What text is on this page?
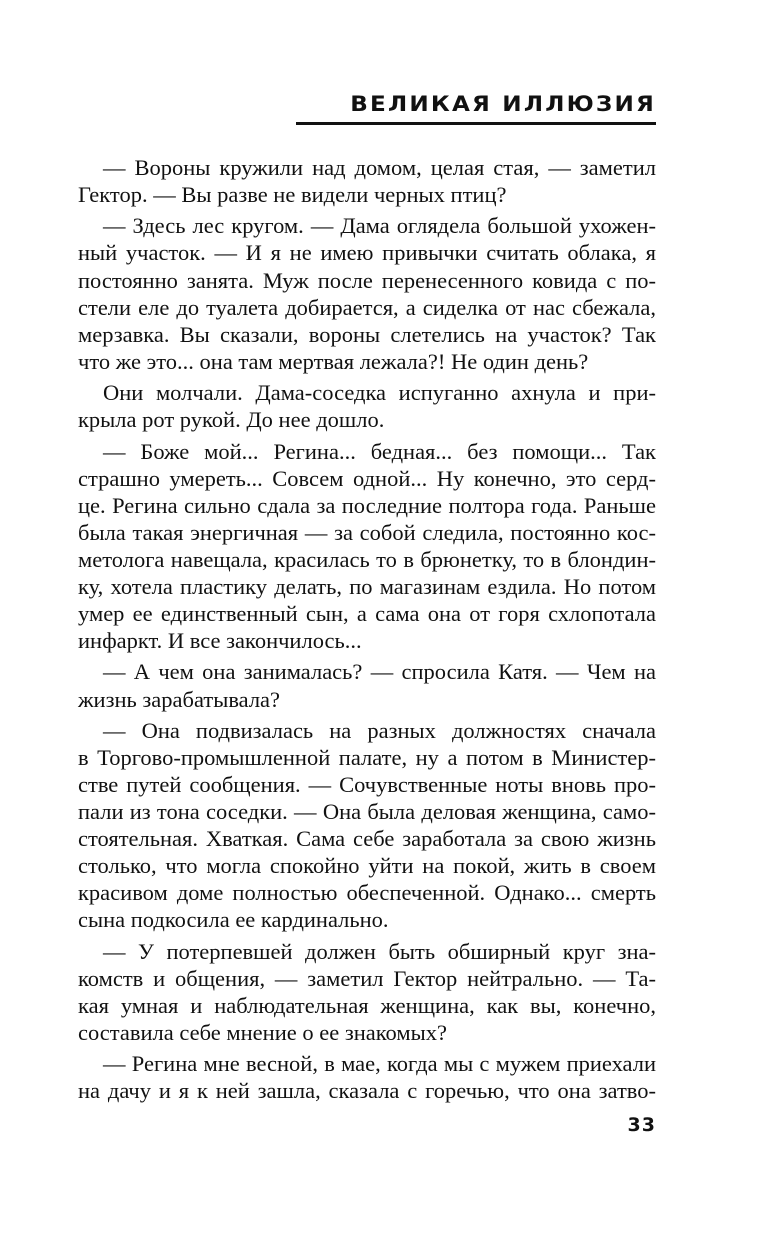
ВЕЛИКАЯ ИЛЛЮЗИЯ

— Вороны кружили над домом, целая стая, — заметил
Гектор. — Вы разве не видели черных птиц?

— Здесь лес кругом. — Дама оглядела большой ухожен-
ный участок. — И я не имею привычки считать облака, я
постоянно занята. Муж после перенесенного ковида с по-
стели еле до туалета добирается, а сиделка от нас сбежала,
мерзавка. Вы сказали, вороны слетелись на участок? Так
что же это... она там мертвая лежала?! Не один день?

Они молчали. Дама-соседка испуганно ахнула и при-
крыла рот рукой. До нее дошло.

— Боже мой... Регина... бедная... без помощи... Так
страшно умереть... Совсем одной... Ну конечно, это серд-
це. Регина сильно сдала за последние полтора года. Раньше
была такая энергичная — за собой следила, постоянно кос-
метолога навещала, красилась то в брюнетку, то в блондин-
ку, хотела пластику делать, по магазинам ездила. Но потом
умер ее единственный сын, а сама она от горя схлопотала
инфаркт. И все закончилось...

— А чем она занималась? — спросила Катя. — Чем на
жизнь зарабатывала?

— Она подвизалась на разных должностях сначала
в Торгово-промышленной палате, ну а потом в Министер-
стве путей сообщения. — Сочувственные ноты вновь про-
пали из тона соседки. — Она была деловая женщина, само-
стоятельная. Хваткая. Сама себе заработала за свою жизнь
столько, что могла спокойно уйти на покой, жить в своем
красивом доме полностью обеспеченной. Однако... смерть
сына подкосила ее кардинально.

— У потерпевшей должен быть обширный круг зна-
комств и общения, — заметил Гектор нейтрально. — Та-
кая умная и наблюдательная женщина, как вы, конечно,
составила себе мнение о ее знакомых?

— Регина мне весной, в мае, когда мы с мужем приехали
на дачу и я к ней зашла, сказала с горечью, что она затво-

33
